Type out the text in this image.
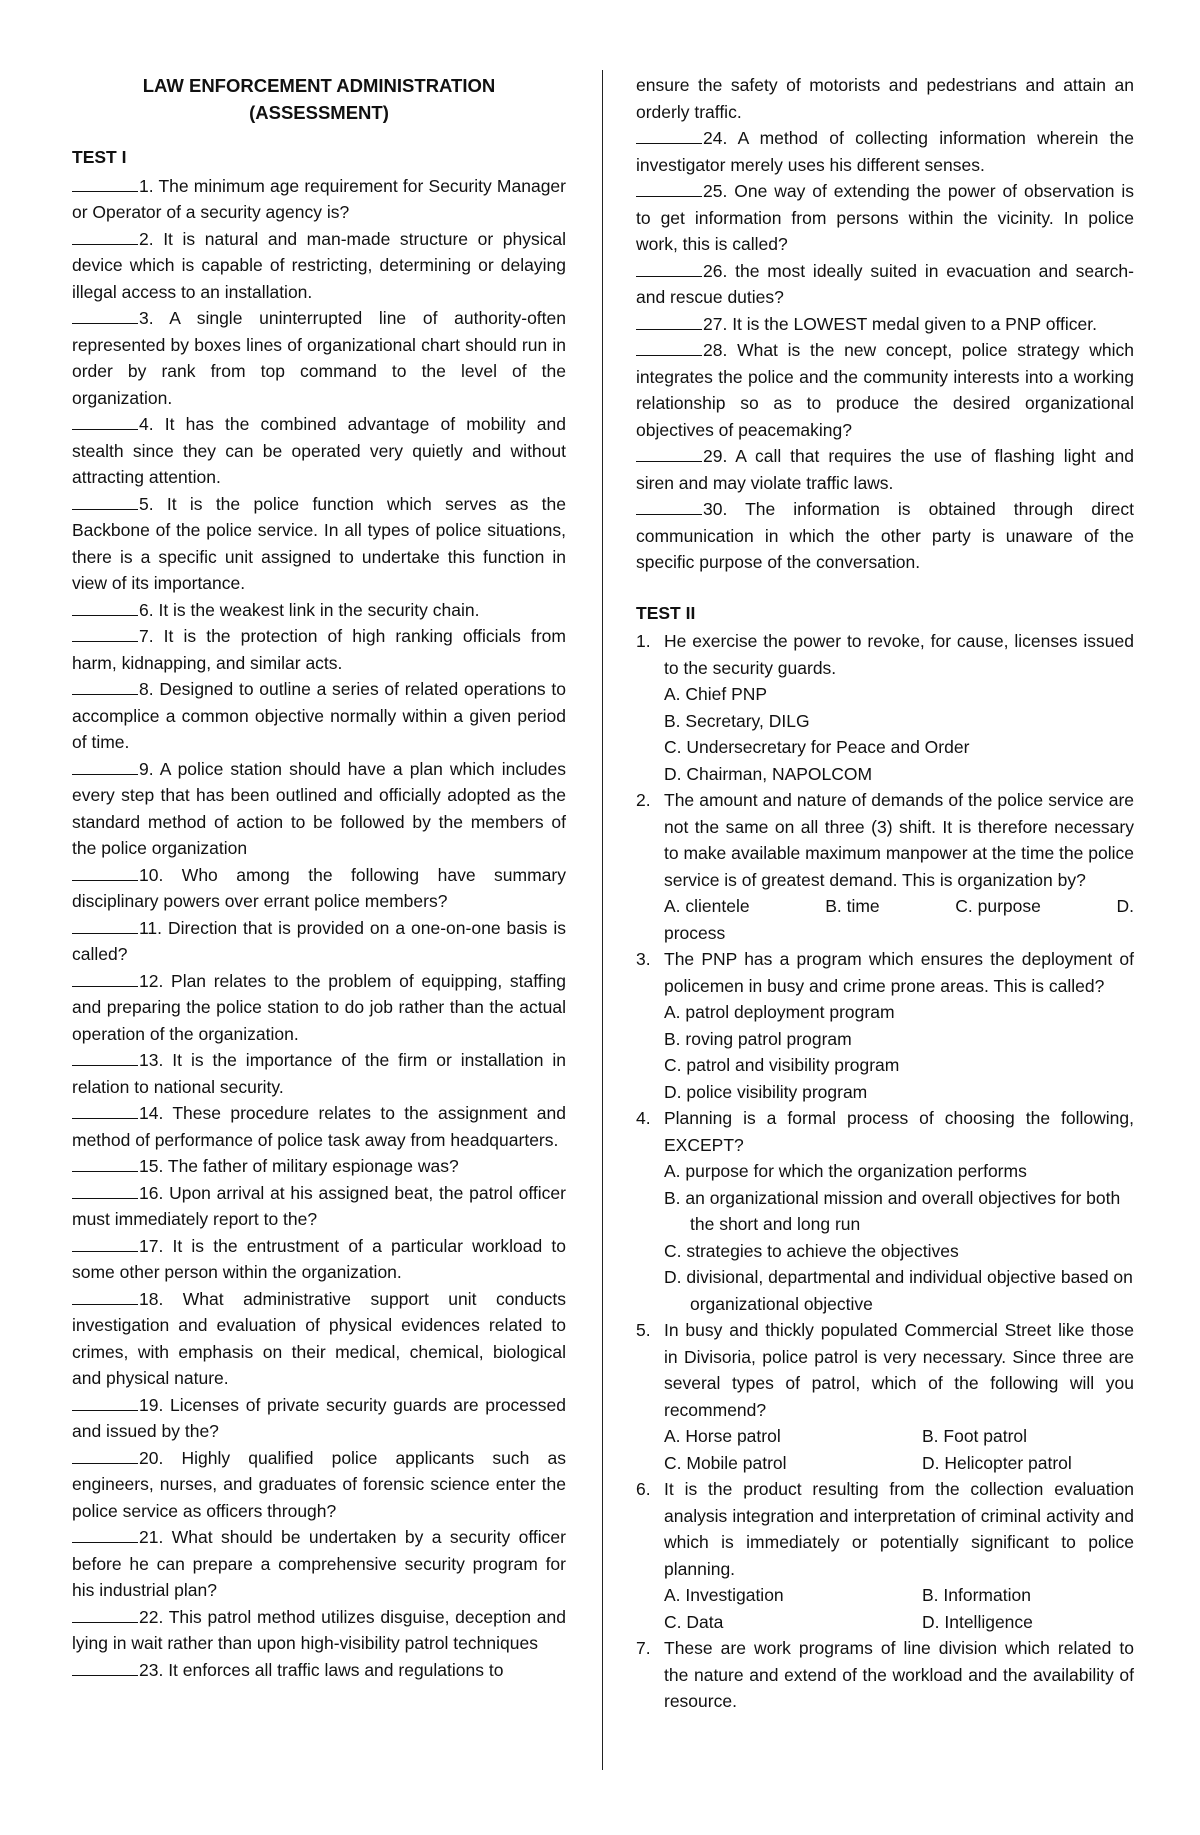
LAW ENFORCEMENT ADMINISTRATION

(ASSESSMENT)

TEST I

1. The minimum age requirement for Security Manager or Operator of a security agency is?

2. It is natural and man-made structure or physical device which is capable of restricting, determining or delaying illegal access to an installation.

3. A single uninterrupted line of authority-often represented by boxes lines of organizational chart should run in order by rank from top command to the level of the organization.

4. It has the combined advantage of mobility and stealth since they can be operated very quietly and without attracting attention.

5. It is the police function which serves as the Backbone of the police service. In all types of police situations, there is a specific unit assigned to undertake this function in view of its importance.

6. It is the weakest link in the security chain.

7. It is the protection of high ranking officials from harm, kidnapping, and similar acts.

8. Designed to outline a series of related operations to accomplice a common objective normally within a given period of time.

9. A police station should have a plan which includes every step that has been outlined and officially adopted as the standard method of action to be followed by the members of the police organization

10. Who among the following have summary disciplinary powers over errant police members?

11. Direction that is provided on a one-on-one basis is called?

12. Plan relates to the problem of equipping, staffing and preparing the police station to do job rather than the actual operation of the organization.

13. It is the importance of the firm or installation in relation to national security.

14. These procedure relates to the assignment and method of performance of police task away from headquarters.

15. The father of military espionage was?

16. Upon arrival at his assigned beat, the patrol officer must immediately report to the?

17. It is the entrustment of a particular workload to some other person within the organization.

18. What administrative support unit conducts investigation and evaluation of physical evidences related to crimes, with emphasis on their medical, chemical, biological and physical nature.

19. Licenses of private security guards are processed and issued by the?

20. Highly qualified police applicants such as engineers, nurses, and graduates of forensic science enter the police service as officers through?

21. What should be undertaken by a security officer before he can prepare a comprehensive security program for his industrial plan?

22. This patrol method utilizes disguise, deception and lying in wait rather than upon high-visibility patrol techniques

23. It enforces all traffic laws and regulations to

ensure the safety of motorists and pedestrians and attain an orderly traffic.

24. A method of collecting information wherein the investigator merely uses his different senses.

25. One way of extending the power of observation is to get information from persons within the vicinity. In police work, this is called?

26. the most ideally suited in evacuation and search-and rescue duties?

27. It is the LOWEST medal given to a PNP officer.

28. What is the new concept, police strategy which integrates the police and the community interests into a working relationship so as to produce the desired organizational objectives of peacemaking?

29. A call that requires the use of flashing light and siren and may violate traffic laws.

30. The information is obtained through direct communication in which the other party is unaware of the specific purpose of the conversation.

TEST II
1. He exercise the power to revoke, for cause, licenses issued to the security guards.
A. Chief PNP
B. Secretary, DILG
C. Undersecretary for Peace and Order
D. Chairman, NAPOLCOM
2. The amount and nature of demands of the police service are not the same on all three (3) shift. It is therefore necessary to make available maximum manpower at the time the police service is of greatest demand. This is organization by?
A. clientele	B. time	C. purpose	D.
process
3. The PNP has a program which ensures the deployment of policemen in busy and crime prone areas. This is called?
A. patrol deployment program
B. roving patrol program
C. patrol and visibility program
D. police visibility program
4. Planning is a formal process of choosing the following, EXCEPT?
A. purpose for which the organization performs
B. an organizational mission and overall objectives for both the short and long run
C. strategies to achieve the objectives
D. divisional, departmental and individual objective based on organizational objective
5. In busy and thickly populated Commercial Street like those in Divisoria, police patrol is very necessary. Since three are several types of patrol, which of the following will you recommend?
A. Horse patrol	B. Foot patrol
C. Mobile patrol	D. Helicopter patrol
6. It is the product resulting from the collection evaluation analysis integration and interpretation of criminal activity and which is immediately or potentially significant to police planning.
A. Investigation	B. Information
C. Data	D. Intelligence
7. These are work programs of line division which related to the nature and extend of the workload and the availability of resource.
